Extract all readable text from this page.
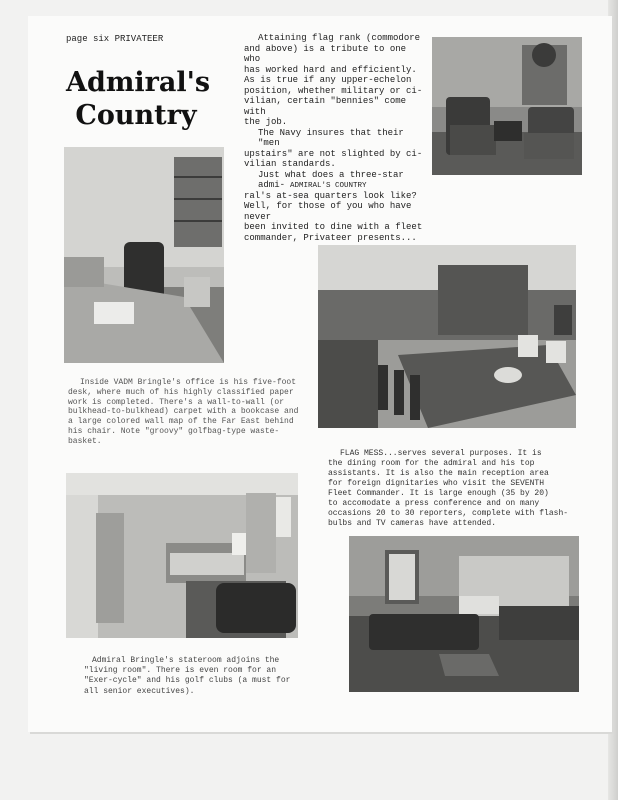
page six PRIVATEER
Admiral's
Country
Attaining flag rank (commodore
and above) is a tribute to one who
has worked hard and efficiently.
As is true if any upper-echelon
position, whether military or ci-
vilian, certain "bennies" come with
the job.
The Navy insures that their "men
upstairs" are not slighted by ci-
vilian standards.
Just what does a three-star admi-
ral's at-sea quarters look like?
Well, for those of you who have never
been invited to dine with a fleet
commander, Privateer presents...
ADMIRAL'S COUNTRY
Inside VADM Bringle's office is his five-foot
desk, where much of his highly classified paper
work is completed. There's a wall-to-wall (or
bulkhead-to-bulkhead) carpet with a bookcase and
a large colored wall map of the Far East behind
his chair. Note "groovy" golfbag-type waste-
basket.
FLAG MESS...serves several purposes. It is
the dining room for the admiral and his top
assistants. It is also the main reception area
for foreign dignitaries who visit the SEVENTH
Fleet Commander. It is large enough (35 by 20)
to accomodate a press conference and on many
occasions 20 to 30 reporters, complete with flash-
bulbs and TV cameras have attended.
Admiral Bringle's stateroom adjoins the
"living room". There is even room for an
"Exer-cycle" and his golf clubs (a must for
all senior executives).
